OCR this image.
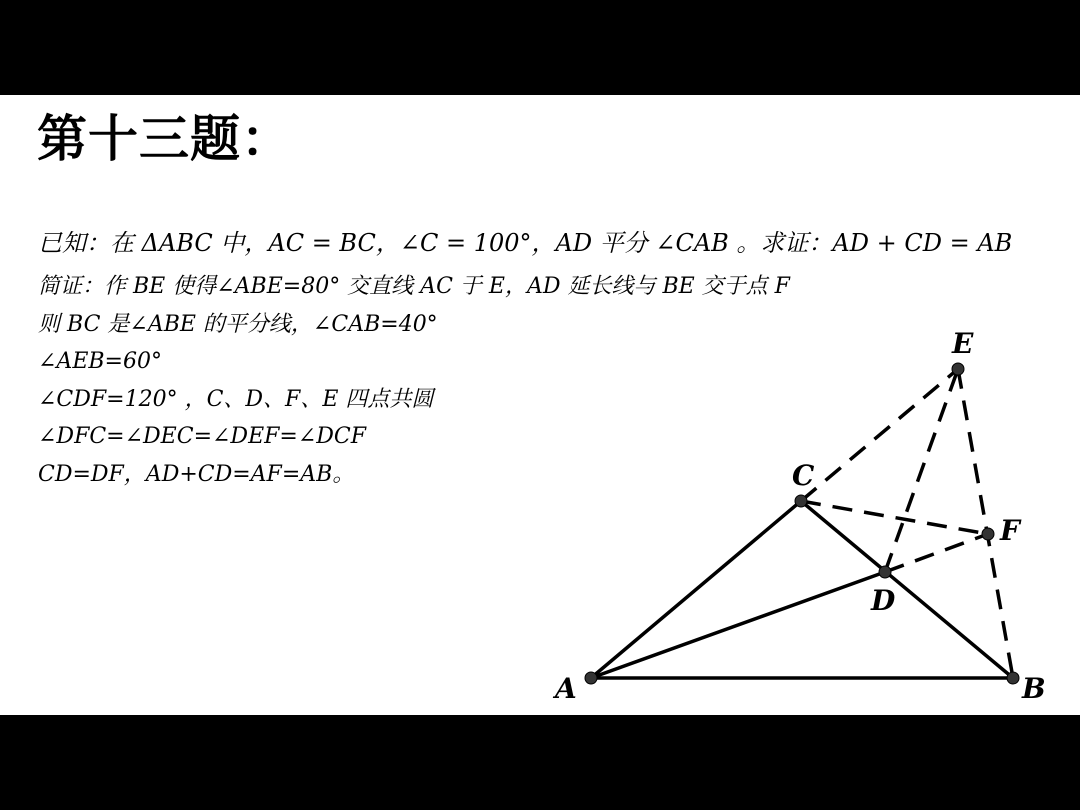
第十三题：
已知：在 ΔABC 中，AC = BC，∠C = 100°，AD 平分 ∠CAB 。求证：AD + CD = AB
简证：作 BE 使得∠ABE=80° 交直线 AC 于 E，AD 延长线与 BE 交于点 F
则 BC 是∠ABE 的平分线，∠CAB=40°
∠AEB=60°
∠CDF=120° ，C、D、F、E 四点共圆
∠DFC=∠DEC=∠DEF=∠DCF
CD=DF，AD+CD=AF=AB。
A	B
C
D
E
F
